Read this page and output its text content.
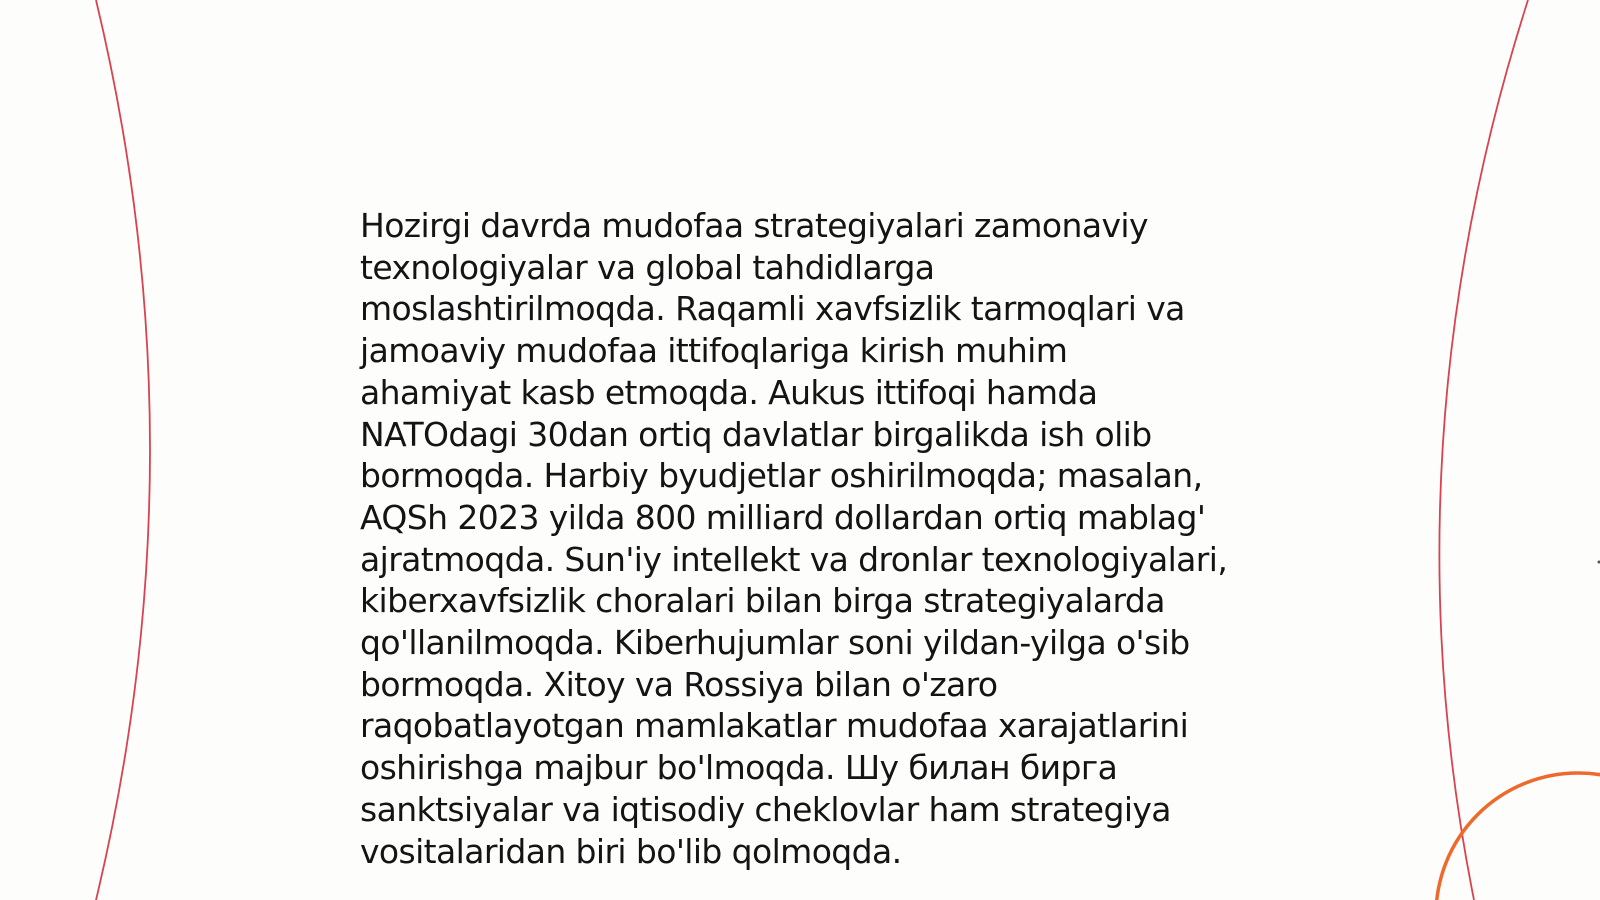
Hozirgi davrda mudofaa strategiyalari zamonaviy
texnologiyalar va global tahdidlarga
moslashtirilmoqda. Raqamli xavfsizlik tarmoqlari va
jamoaviy mudofaa ittifoqlariga kirish muhim
ahamiyat kasb etmoqda. Aukus ittifoqi hamda
NATOdagi 30dan ortiq davlatlar birgalikda ish olib
bormoqda. Harbiy byudjetlar oshirilmoqda; masalan,
AQSh 2023 yilda 800 milliard dollardan ortiq mablag'
ajratmoqda. Sun'iy intellekt va dronlar texnologiyalari,
kiberxavfsizlik choralari bilan birga strategiyalarda
qo'llanilmoqda. Kiberhujumlar soni yildan-yilga o'sib
bormoqda. Xitoy va Rossiya bilan o'zaro
raqobatlayotgan mamlakatlar mudofaa xarajatlarini
oshirishga majbur bo'lmoqda. Шу билан бирга
sanktsiyalar va iqtisodiy cheklovlar ham strategiya
vositalaridan biri bo'lib qolmoqda.
